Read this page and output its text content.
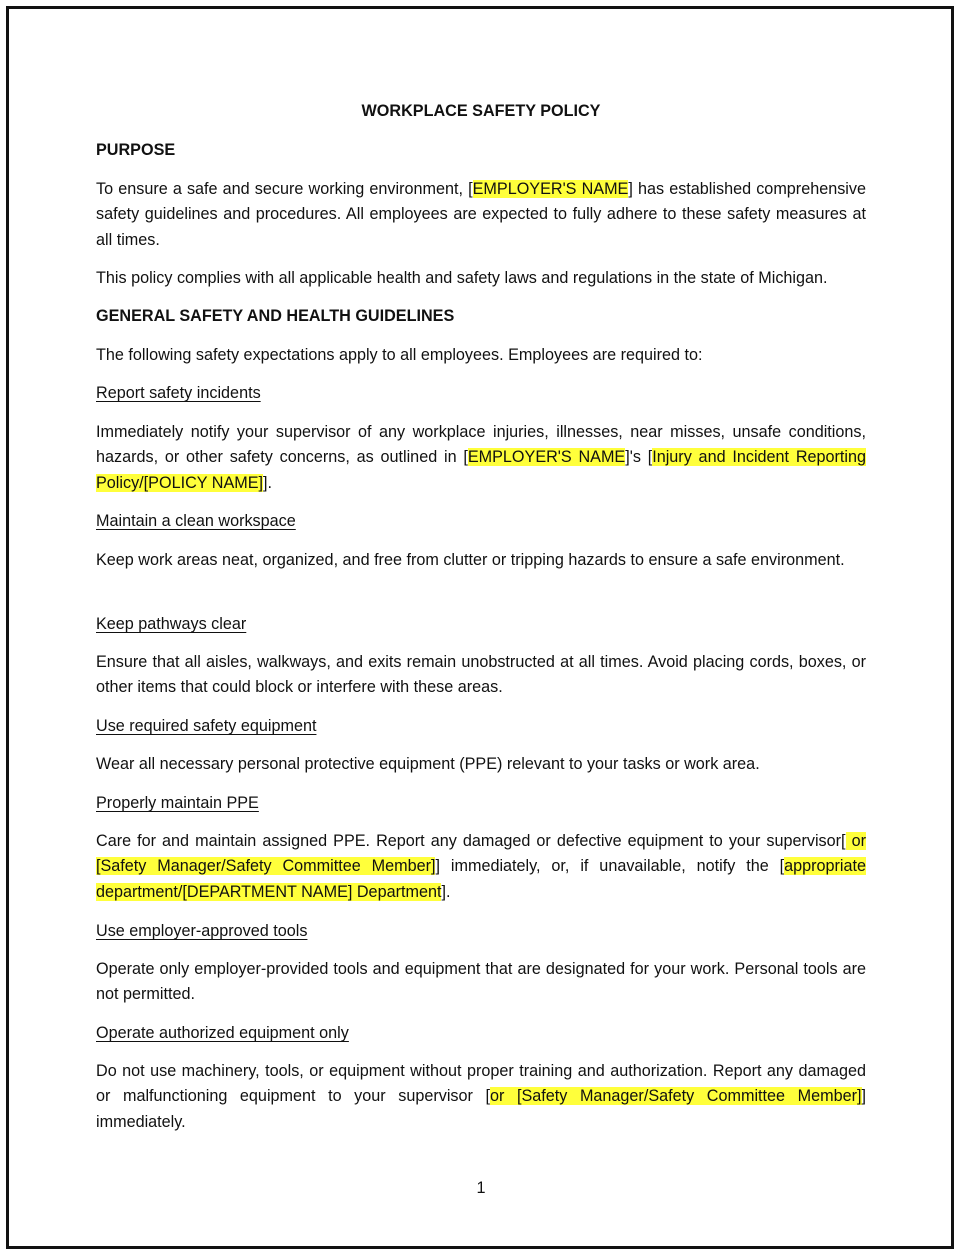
WORKPLACE SAFETY POLICY
PURPOSE
To ensure a safe and secure working environment, [EMPLOYER'S NAME] has established comprehensive safety guidelines and procedures. All employees are expected to fully adhere to these safety measures at all times.
This policy complies with all applicable health and safety laws and regulations in the state of Michigan.
GENERAL SAFETY AND HEALTH GUIDELINES
The following safety expectations apply to all employees. Employees are required to:
Report safety incidents
Immediately notify your supervisor of any workplace injuries, illnesses, near misses, unsafe conditions, hazards, or other safety concerns, as outlined in [EMPLOYER'S NAME]'s [Injury and Incident Reporting Policy/[POLICY NAME]].
Maintain a clean workspace
Keep work areas neat, organized, and free from clutter or tripping hazards to ensure a safe environment.
Keep pathways clear
Ensure that all aisles, walkways, and exits remain unobstructed at all times. Avoid placing cords, boxes, or other items that could block or interfere with these areas.
Use required safety equipment
Wear all necessary personal protective equipment (PPE) relevant to your tasks or work area.
Properly maintain PPE
Care for and maintain assigned PPE. Report any damaged or defective equipment to your supervisor[ or [Safety Manager/Safety Committee Member]] immediately, or, if unavailable, notify the [appropriate department/[DEPARTMENT NAME] Department].
Use employer-approved tools
Operate only employer-provided tools and equipment that are designated for your work. Personal tools are not permitted.
Operate authorized equipment only
Do not use machinery, tools, or equipment without proper training and authorization. Report any damaged or malfunctioning equipment to your supervisor [or [Safety Manager/Safety Committee Member]] immediately.
1
